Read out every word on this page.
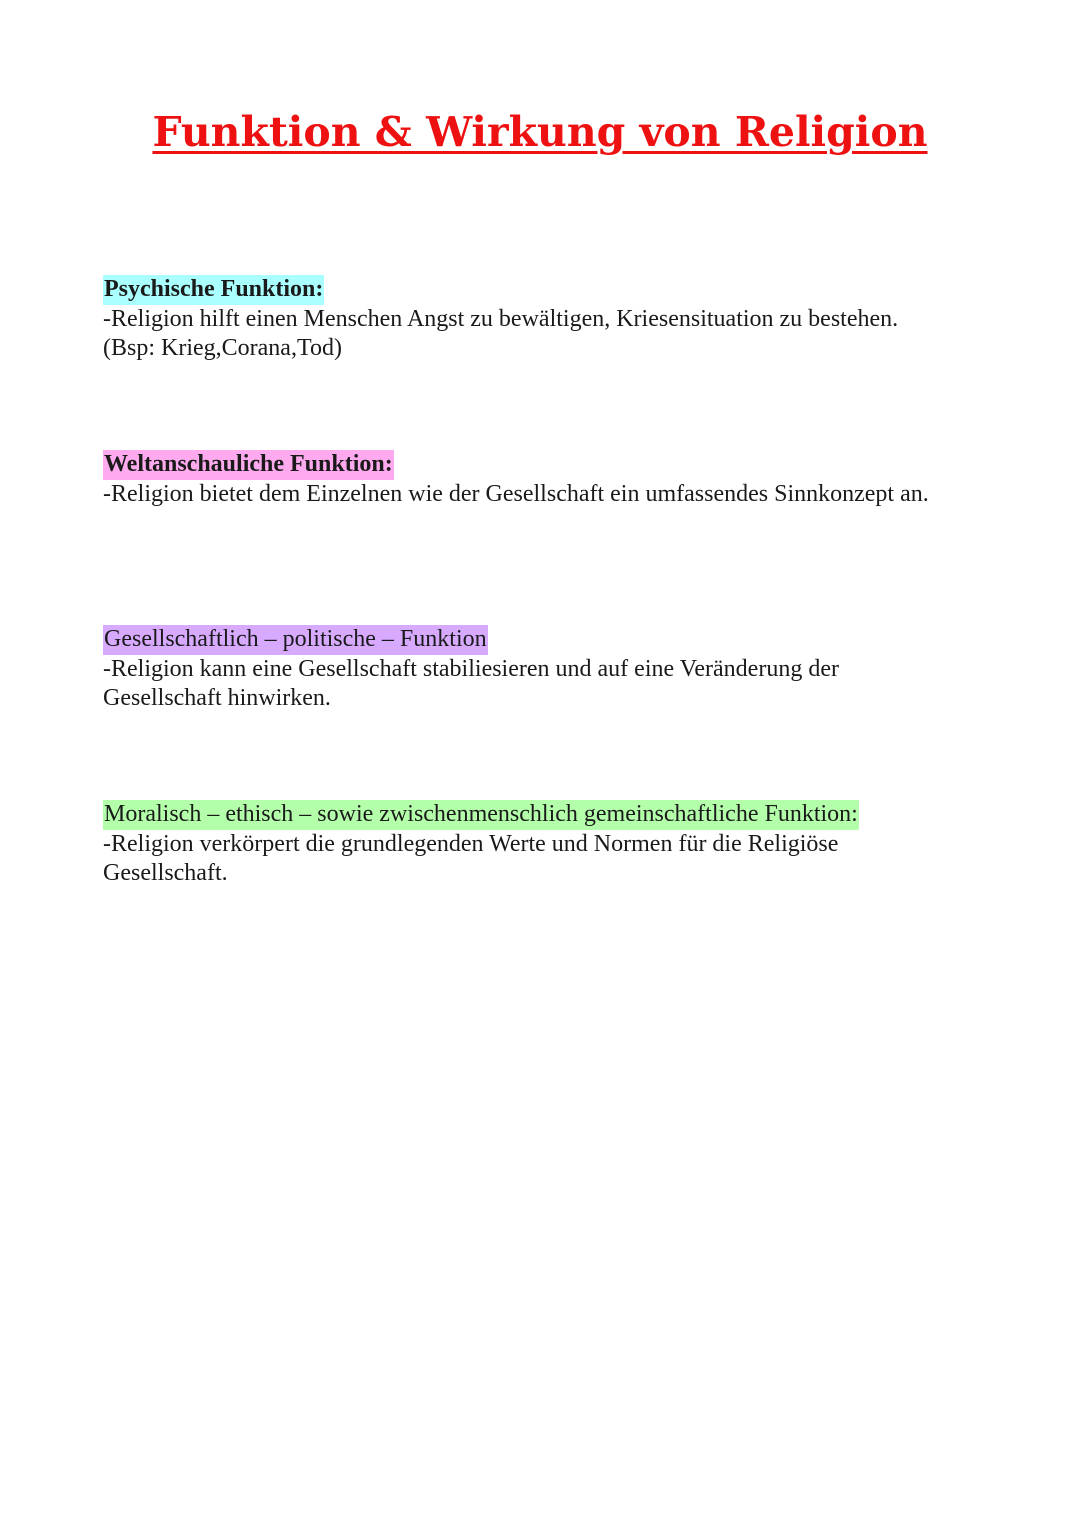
Funktion & Wirkung von Religion
Psychische Funktion:
-Religion hilft einen Menschen Angst zu bewältigen, Kriesensituation zu bestehen.
(Bsp: Krieg,Corana,Tod)
Weltanschauliche Funktion:
-Religion bietet dem Einzelnen wie der Gesellschaft ein umfassendes Sinnkonzept an.
Gesellschaftlich – politische – Funktion
-Religion kann eine Gesellschaft stabiliesieren und auf eine Veränderung der
Gesellschaft hinwirken.
Moralisch – ethisch – sowie zwischenmenschlich gemeinschaftliche Funktion:
-Religion verkörpert die grundlegenden Werte und Normen für die Religiöse
Gesellschaft.
